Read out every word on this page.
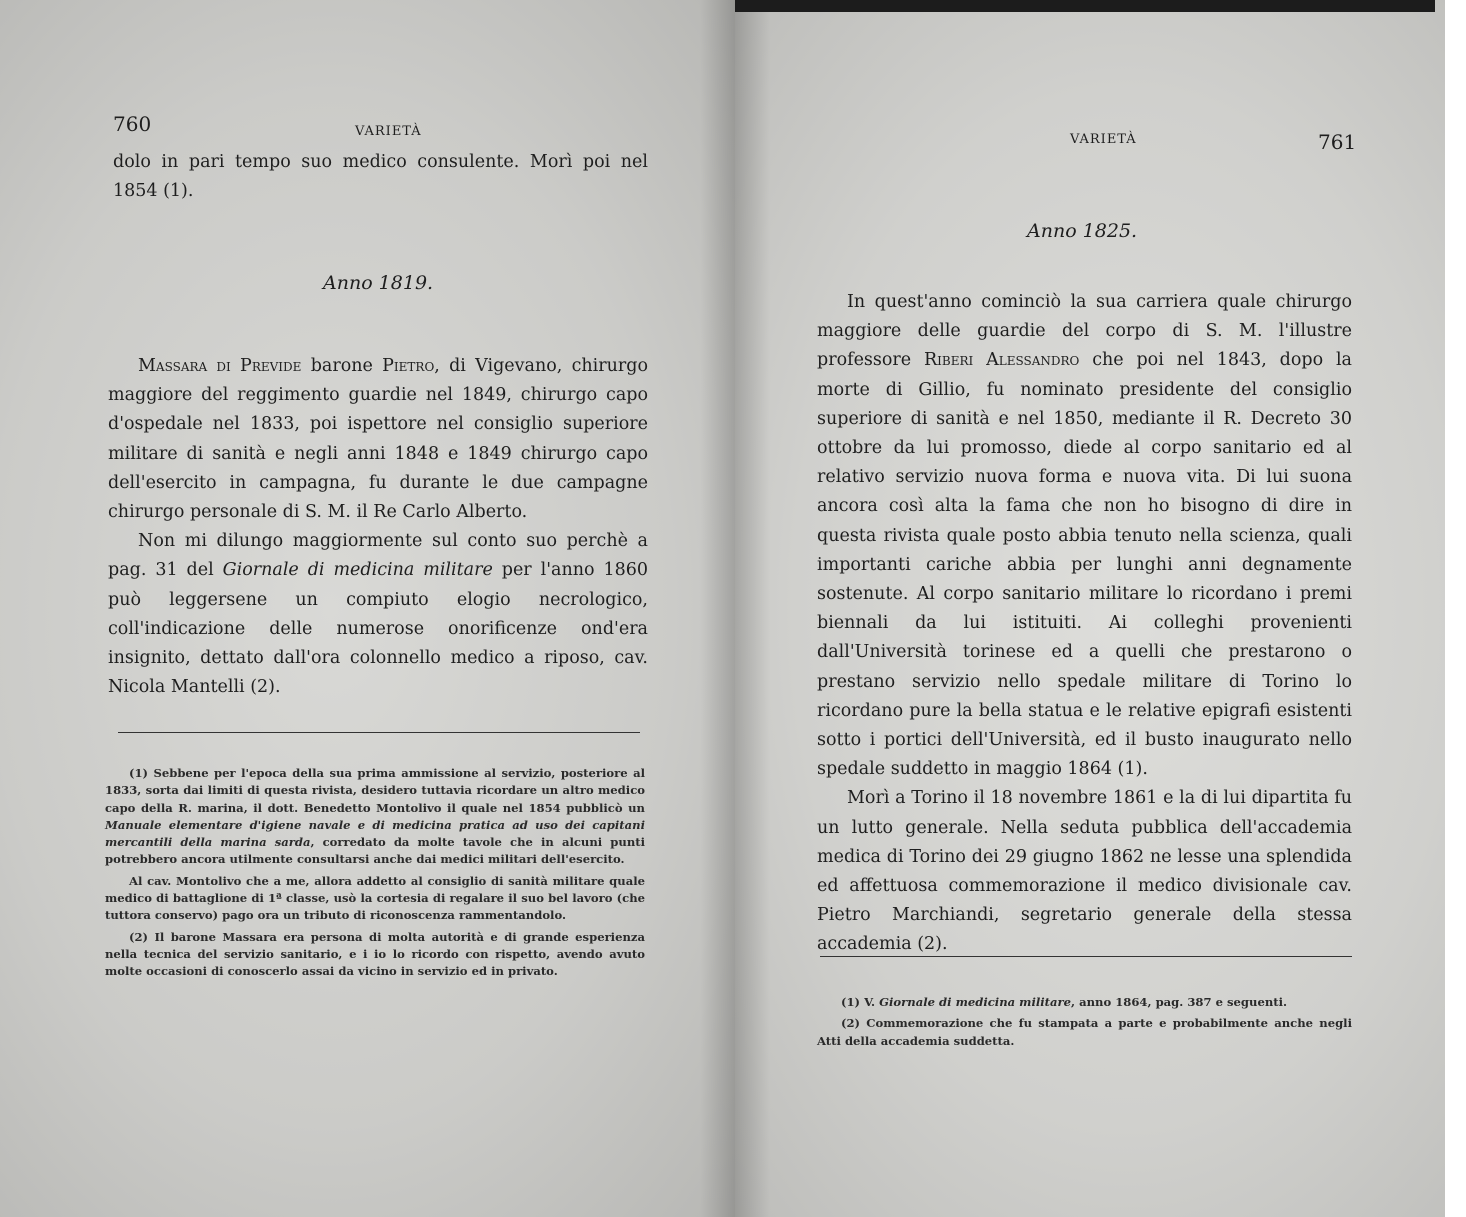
760	VARIETÀ

dolo in pari tempo suo medico consulente. Morì poi nel 1854 (1).

Anno 1819.

Massara di Previde barone Pietro, di Vigevano, chirurgo maggiore del reggimento guardie nel 1849, chirurgo capo d'ospedale nel 1833, poi ispettore nel consiglio superiore militare di sanità e negli anni 1848 e 1849 chirurgo capo dell'esercito in campagna, fu durante le due campagne chirurgo personale di S. M. il Re Carlo Alberto.

Non mi dilungo maggiormente sul conto suo perchè a pag. 31 del Giornale di medicina militare per l'anno 1860 può leggersene un compiuto elogio necrologico, coll'indicazione delle numerose onorificenze ond'era insignito, dettato dall'ora colonnello medico a riposo, cav. Nicola Mantelli (2).

(1) Sebbene per l'epoca della sua prima ammissione al servizio, posteriore al 1833, sorta dai limiti di questa rivista, desidero tuttavia ricordare un altro medico capo della R. marina, il dott. Benedetto Montolivo il quale nel 1854 pubblicò un Manuale elementare d'igiene navale e di medicina pratica ad uso dei capitani mercantili della marina sarda, corredato da molte tavole che in alcuni punti potrebbero ancora utilmente consultarsi anche dai medici militari dell'esercito.

Al cav. Montolivo che a me, allora addetto al consiglio di sanità militare quale medico di battaglione di 1ª classe, usò la cortesia di regalare il suo bel lavoro (che tuttora conservo) pago ora un tributo di riconoscenza rammentandolo.

(2) Il barone Massara era persona di molta autorità e di grande esperienza nella tecnica del servizio sanitario, e i io lo ricordo con rispetto, avendo avuto molte occasioni di conoscerlo assai da vicino in servizio ed in privato.

VARIETÀ	761
Anno 1825.

In quest'anno cominciò la sua carriera quale chirurgo maggiore delle guardie del corpo di S. M. l'illustre professore Riberi Alessandro che poi nel 1843, dopo la morte di Gillio, fu nominato presidente del consiglio superiore di sanità e nel 1850, mediante il R. Decreto 30 ottobre da lui promosso, diede al corpo sanitario ed al relativo servizio nuova forma e nuova vita. Di lui suona ancora così alta la fama che non ho bisogno di dire in questa rivista quale posto abbia tenuto nella scienza, quali importanti cariche abbia per lunghi anni degnamente sostenute. Al corpo sanitario militare lo ricordano i premi biennali da lui istituiti. Ai colleghi provenienti dall'Università torinese ed a quelli che prestarono o prestano servizio nello spedale militare di Torino lo ricordano pure la bella statua e le relative epigrafi esistenti sotto i portici dell'Università, ed il busto inaugurato nello spedale suddetto in maggio 1864 (1).

Morì a Torino il 18 novembre 1861 e la di lui dipartita fu un lutto generale. Nella seduta pubblica dell'accademia medica di Torino dei 29 giugno 1862 ne lesse una splendida ed affettuosa commemorazione il medico divisionale cav. Pietro Marchiandi, segretario generale della stessa accademia (2).

(1) V. Giornale di medicina militare, anno 1864, pag. 387 e seguenti.

(2) Commemorazione che fu stampata a parte e probabilmente anche negli Atti della accademia suddetta.
